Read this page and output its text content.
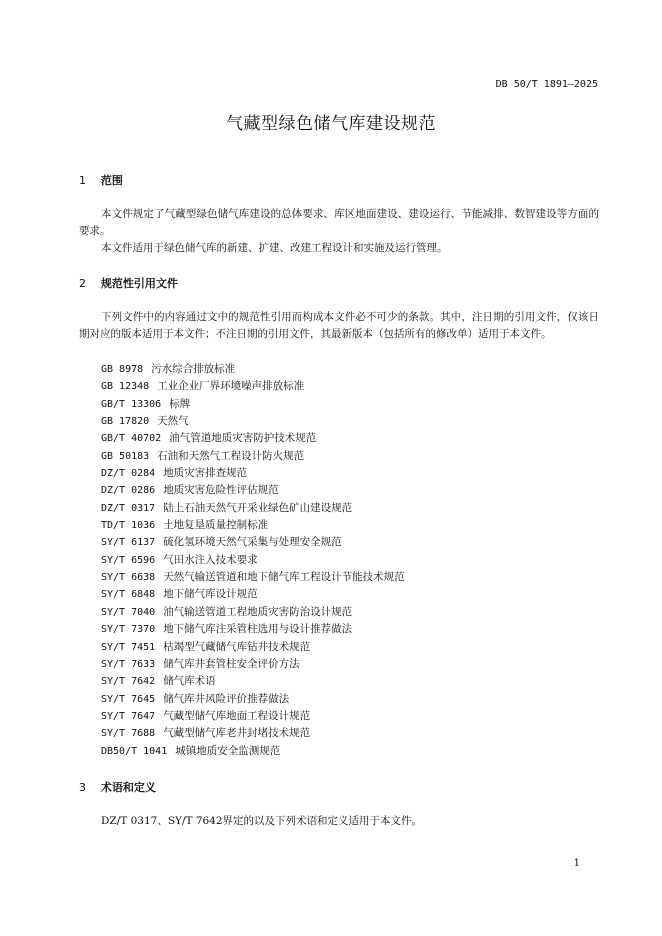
DB 50/T 1891—2025
气藏型绿色储气库建设规范
1 范围
本文件规定了气藏型绿色储气库建设的总体要求、库区地面建设、建设运行、节能减排、数智建设等方面的要求。
本文件适用于绿色储气库的新建、扩建、改建工程设计和实施及运行管理。
2 规范性引用文件
下列文件中的内容通过文中的规范性引用而构成本文件必不可少的条款。其中，注日期的引用文件，仅该日期对应的版本适用于本文件；不注日期的引用文件，其最新版本（包括所有的修改单）适用于本文件。
GB 8978 污水综合排放标准
GB 12348 工业企业厂界环境噪声排放标准
GB/T 13306 标牌
GB 17820 天然气
GB/T 40702 油气管道地质灾害防护技术规范
GB 50183 石油和天然气工程设计防火规范
DZ/T 0284 地质灾害排查规范
DZ/T 0286 地质灾害危险性评估规范
DZ/T 0317 陆上石油天然气开采业绿色矿山建设规范
TD/T 1036 土地复垦质量控制标准
SY/T 6137 硫化氢环境天然气采集与处理安全规范
SY/T 6596 气田水注入技术要求
SY/T 6638 天然气输送管道和地下储气库工程设计节能技术规范
SY/T 6848 地下储气库设计规范
SY/T 7040 油气输送管道工程地质灾害防治设计规范
SY/T 7370 地下储气库注采管柱选用与设计推荐做法
SY/T 7451 枯竭型气藏储气库钻井技术规范
SY/T 7633 储气库井套管柱安全评价方法
SY/T 7642 储气库术语
SY/T 7645 储气库井风险评价推荐做法
SY/T 7647 气藏型储气库地面工程设计规范
SY/T 7688 气藏型储气库老井封堵技术规范
DB50/T 1041 城镇地质安全监测规范
3 术语和定义
DZ/T 0317、SY/T 7642界定的以及下列术语和定义适用于本文件。
1
